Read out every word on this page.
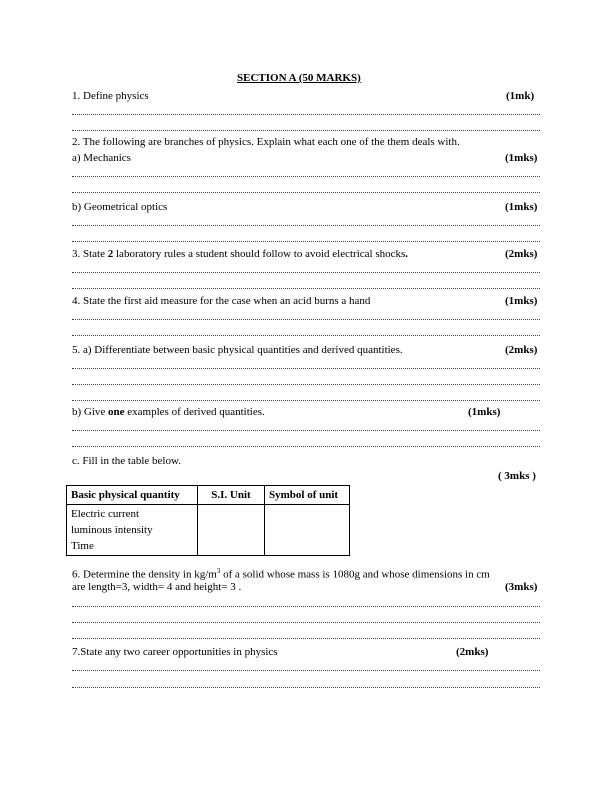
SECTION A (50 MARKS)
1. Define physics	(1mk)
2. The following are branches of physics. Explain what each one of the them deals with.
a) Mechanics	(1mks)
b) Geometrical optics	(1mks)
3. State 2 laboratory rules a student should follow to avoid electrical shocks.	(2mks)
4. State the first aid measure for the case when an acid burns a hand	(1mks)
5. a) Differentiate between basic physical quantities and derived quantities.	(2mks)
b) Give one examples of derived quantities.	(1mks)
c. Fill in the table below.
( 3mks )
Basic physical quantity	S.I. Unit	Symbol of unit

Electric current
luminous intensity
Time		

6. Determine the density in $kg/m^3$ of a solid whose mass is 1080g and whose dimensions in cm
are length=3, width= 4 and height= 3 .	(3mks)
7.State any two career opportunities in physics	(2mks)
